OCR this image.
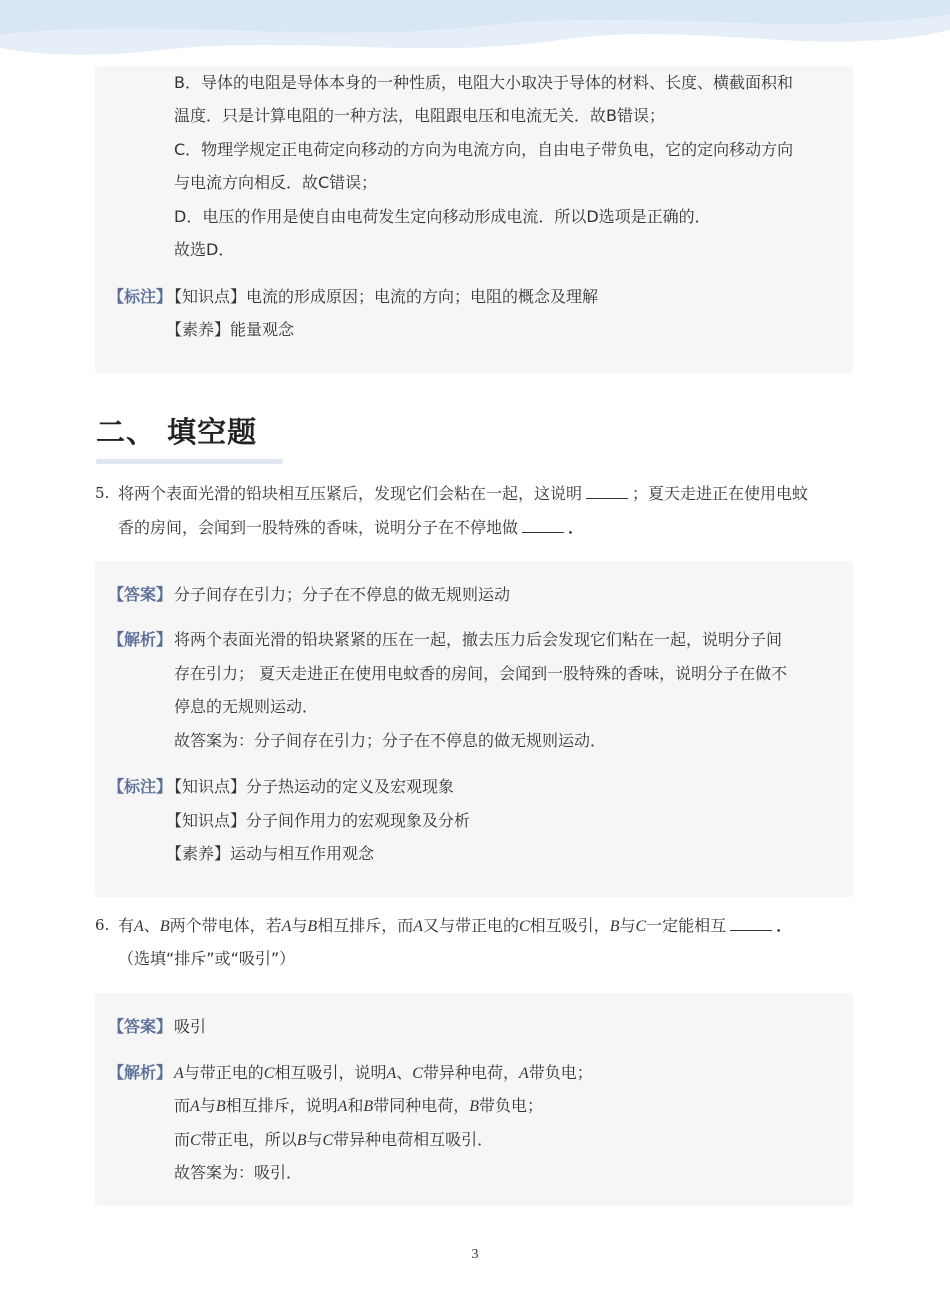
B．导体的电阻是导体本身的一种性质，电阻大小取决于导体的材料、长度、横截面积和
温度．只是计算电阻的一种方法，电阻跟电压和电流无关．故B错误；
C．物理学规定正电荷定向移动的方向为电流方向，自由电子带负电，它的定向移动方向
与电流方向相反．故C错误；
D．电压的作用是使自由电荷发生定向移动形成电流．所以D选项是正确的．
故选D．
【标注】
【知识点】电流的形成原因；电流的方向；电阻的概念及理解
【素养】能量观念
二、 填空题
5. 将两个表面光滑的铅块相互压紧后，发现它们会粘在一起，这说明	；夏天走进正在使用电蚊
香的房间，会闻到一股特殊的香味，说明分子在不停地做	．
【答案】 分子间存在引力；分子在不停息的做无规则运动
【解析】 将两个表面光滑的铅块紧紧的压在一起，撤去压力后会发现它们粘在一起，说明分子间
存在引力； 夏天走进正在使用电蚊香的房间，会闻到一股特殊的香味，说明分子在做不
停息的无规则运动．
故答案为：分子间存在引力；分子在不停息的做无规则运动．
【标注】
【知识点】分子热运动的定义及宏观现象
【知识点】分子间作用力的宏观现象及分析
【素养】运动与相互作用观念
6. 有A、B两个带电体，若A与B相互排斥，而A又与带正电的C相互吸引，B与C一定能相互	．
（选填“排斥”或“吸引”）
【答案】 吸引
【解析】 A与带正电的C相互吸引，说明A、C带异种电荷，A带负电；
而A与B相互排斥，说明A和B带同种电荷，B带负电；
而C带正电，所以B与C带异种电荷相互吸引．
故答案为：吸引．
3
